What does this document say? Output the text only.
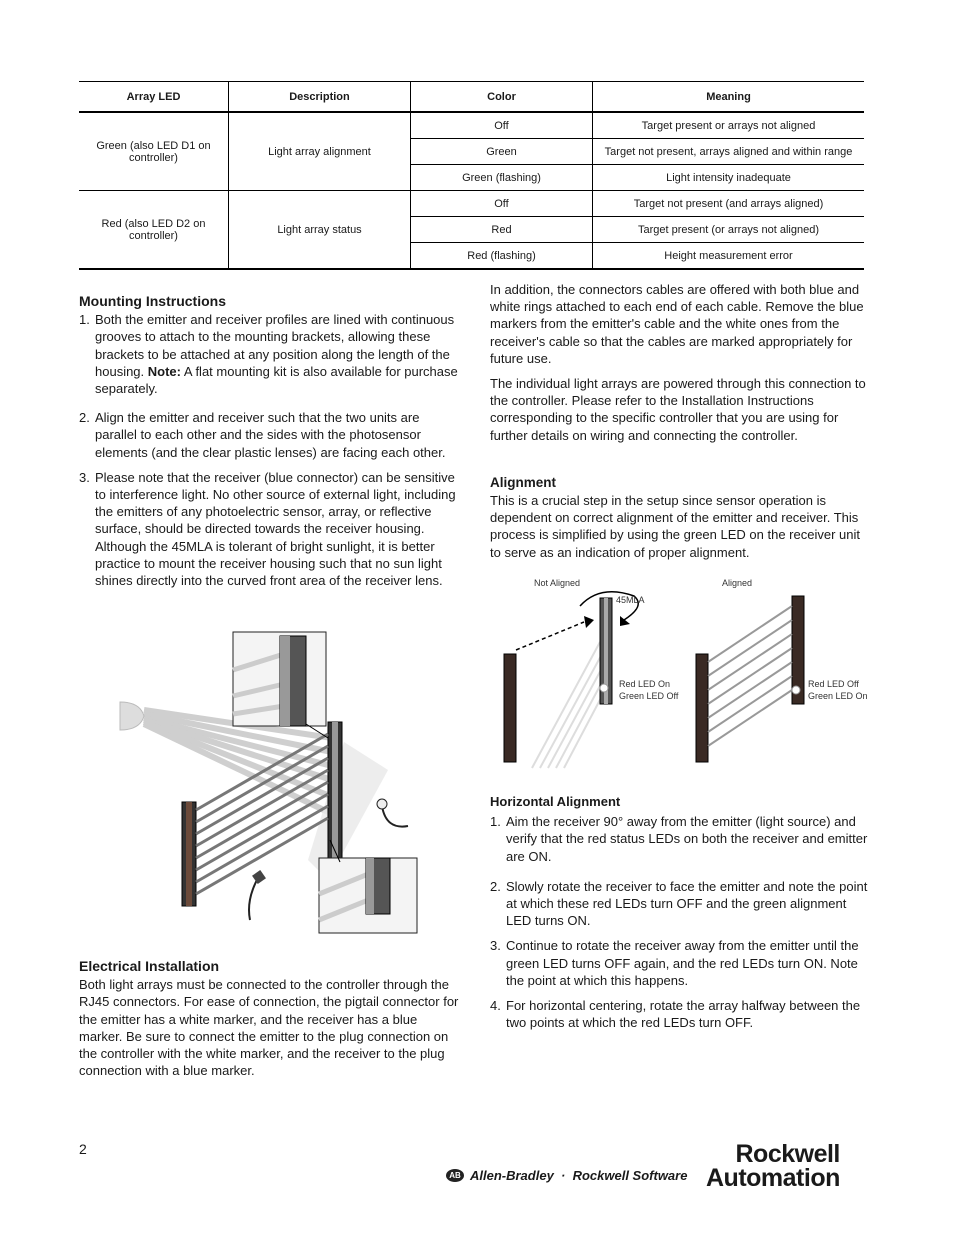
Array LED	Description	Color	Meaning
Green (also LED D1 on controller)	Light array alignment	Off	Target present or arrays not aligned
		Green	Target not present, arrays aligned and within range
		Green (flashing)	Light intensity inadequate
Red (also LED D2 on controller)	Light array status	Off	Target not present (and arrays aligned)
		Red	Target present (or arrays not aligned)
		Red (flashing)	Height measurement error
Mounting Instructions
1. Both the emitter and receiver profiles are lined with continuous grooves to attach to the mounting brackets, allowing these brackets to be attached at any position along the length of the housing. Note: A flat mounting kit is also available for purchase separately.
2. Align the emitter and receiver such that the two units are parallel to each other and the sides with the photosensor elements (and the clear plastic lenses) are facing each other.
3. Please note that the receiver (blue connector) can be sensitive to interference light. No other source of external light, including the emitters of any photoelectric sensor, array, or reflective surface, should be directed towards the receiver housing. Although the 45MLA is tolerant of bright sunlight, it is better practice to mount the receiver housing such that no sun light shines directly into the curved front area of the receiver lens.
Electrical Installation
Both light arrays must be connected to the controller through the RJ45 connectors. For ease of connection, the pigtail connector for the emitter has a white marker, and the receiver has a blue marker. Be sure to connect the emitter to the plug connection on the controller with the white marker, and the receiver to the plug connection with a blue marker.
In addition, the connectors cables are offered with both blue and white rings attached to each end of each cable. Remove the blue markers from the emitter's cable and the white ones from the receiver's cable so that the cables are marked appropriately for future use.
The individual light arrays are powered through this connection to the controller. Please refer to the Installation Instructions corresponding to the specific controller that you are using for further details on wiring and connecting the controller.
Alignment
This is a crucial step in the setup since sensor operation is dependent on correct alignment of the emitter and receiver. This process is simplified by using the green LED on the receiver unit to serve as an indication of proper alignment.
Not Aligned	Aligned
45MLA
Red LED On
Green LED Off
Red LED Off
Green LED On
Horizontal Alignment
1. Aim the receiver 90° away from the emitter (light source) and verify that the red status LEDs on both the receiver and emitter are ON.
2. Slowly rotate the receiver to face the emitter and note the point at which these red LEDs turn OFF and the green alignment LED turns ON.
3. Continue to rotate the receiver away from the emitter until the green LED turns OFF again, and the red LEDs turn ON. Note the point at which this happens.
4. For horizontal centering, rotate the array halfway between the two points at which the red LEDs turn OFF.
2
AB Allen-Bradley  ·  Rockwell Software
Rockwell
Automation
